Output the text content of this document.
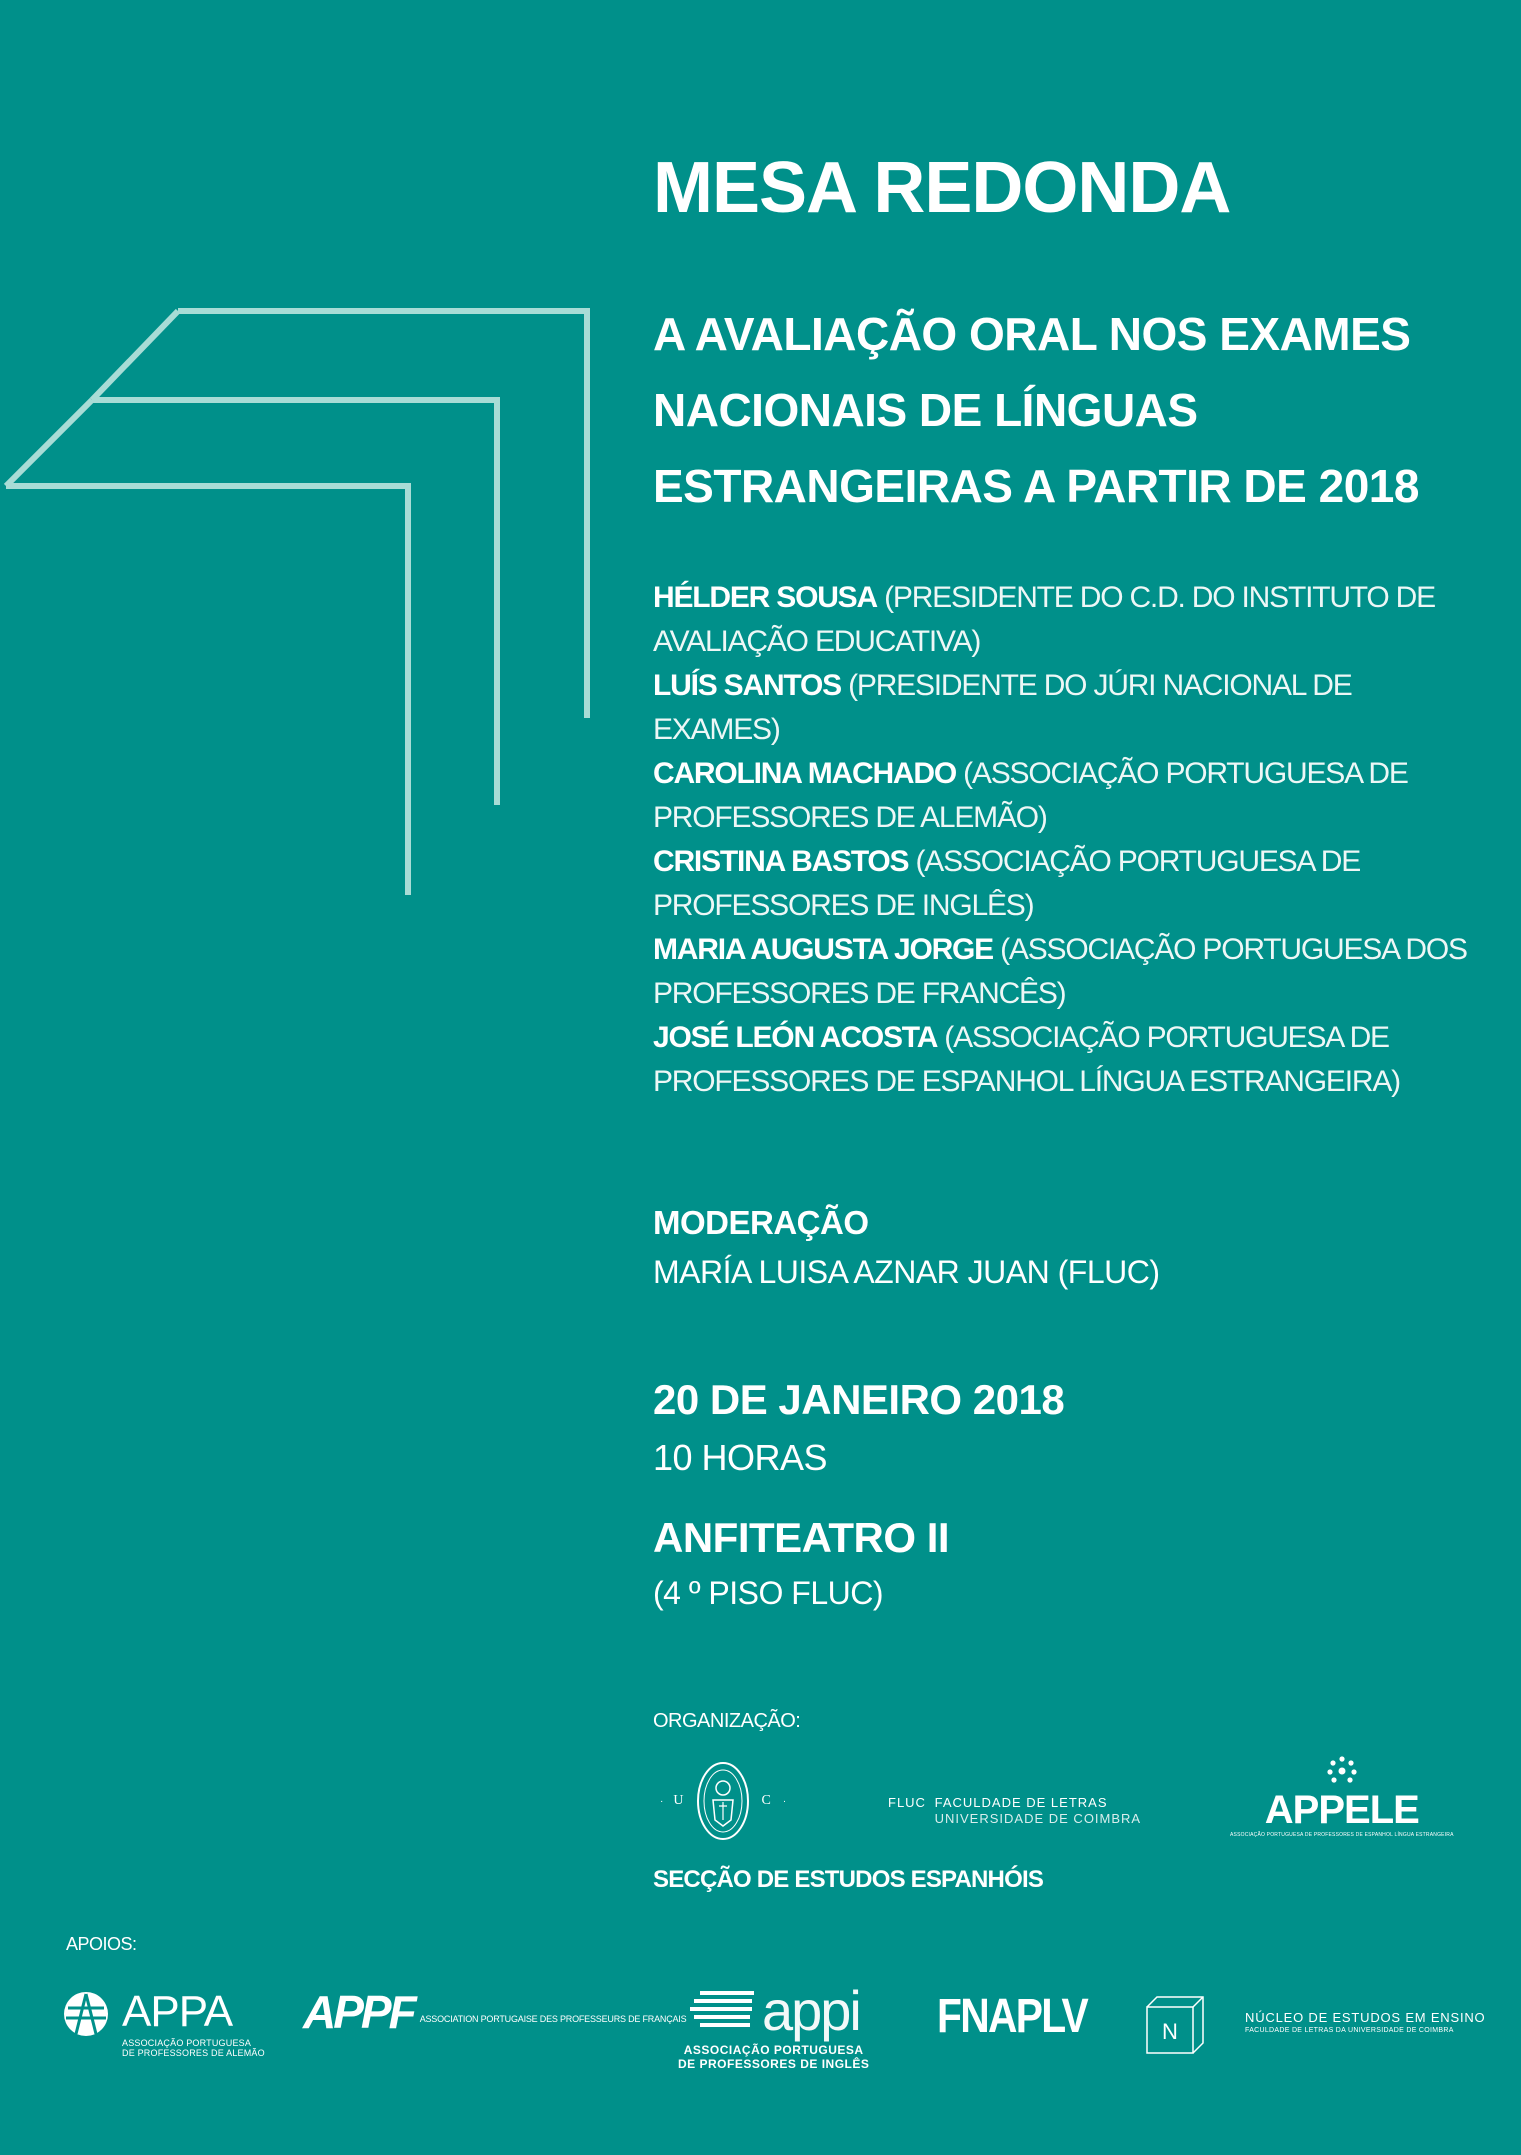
MESA REDONDA
A AVALIAÇÃO ORAL NOS EXAMES
NACIONAIS DE LÍNGUAS
ESTRANGEIRAS A PARTIR DE 2018
HÉLDER SOUSA (PRESIDENTE DO C.D. DO INSTITUTO DE
AVALIAÇÃO EDUCATIVA)
LUÍS SANTOS (PRESIDENTE DO JÚRI NACIONAL DE
EXAMES)
CAROLINA MACHADO (ASSOCIAÇÃO PORTUGUESA DE
PROFESSORES DE ALEMÃO)
CRISTINA BASTOS (ASSOCIAÇÃO PORTUGUESA DE
PROFESSORES DE INGLÊS)
MARIA AUGUSTA JORGE (ASSOCIAÇÃO PORTUGUESA DOS
PROFESSORES DE FRANCÊS)
JOSÉ LEÓN ACOSTA (ASSOCIAÇÃO PORTUGUESA DE
PROFESSORES DE ESPANHOL LÍNGUA ESTRANGEIRA)
MODERAÇÃO
MARÍA LUISA AZNAR JUAN (FLUC)
20 DE JANEIRO 2018
10 HORAS
ANFITEATRO II
(4 º PISO FLUC)
ORGANIZAÇÃO:
· U	C ·	FLUC FACULDADE DE LETRAS
UNIVERSIDADE DE COIMBRA	APPELE
ASSOCIAÇÃO PORTUGUESA DE PROFESSORES DE ESPANHOL LÍNGUA ESTRANGEIRA
SECÇÃO DE ESTUDOS ESPANHÓIS
APOIOS:
APPA
ASSOCIAÇÃO PORTUGUESA
DE PROFESSORES DE ALEMÃO
APPF ASSOCIATION PORTUGAISE DES PROFESSEURS DE FRANÇAIS	appi
ASSOCIAÇÃO PORTUGUESA
DE PROFESSORES DE INGLÊS
FNAPLV	N
NÚCLEO DE ESTUDOS EM ENSINO
FACULDADE DE LETRAS DA UNIVERSIDADE DE COIMBRA
